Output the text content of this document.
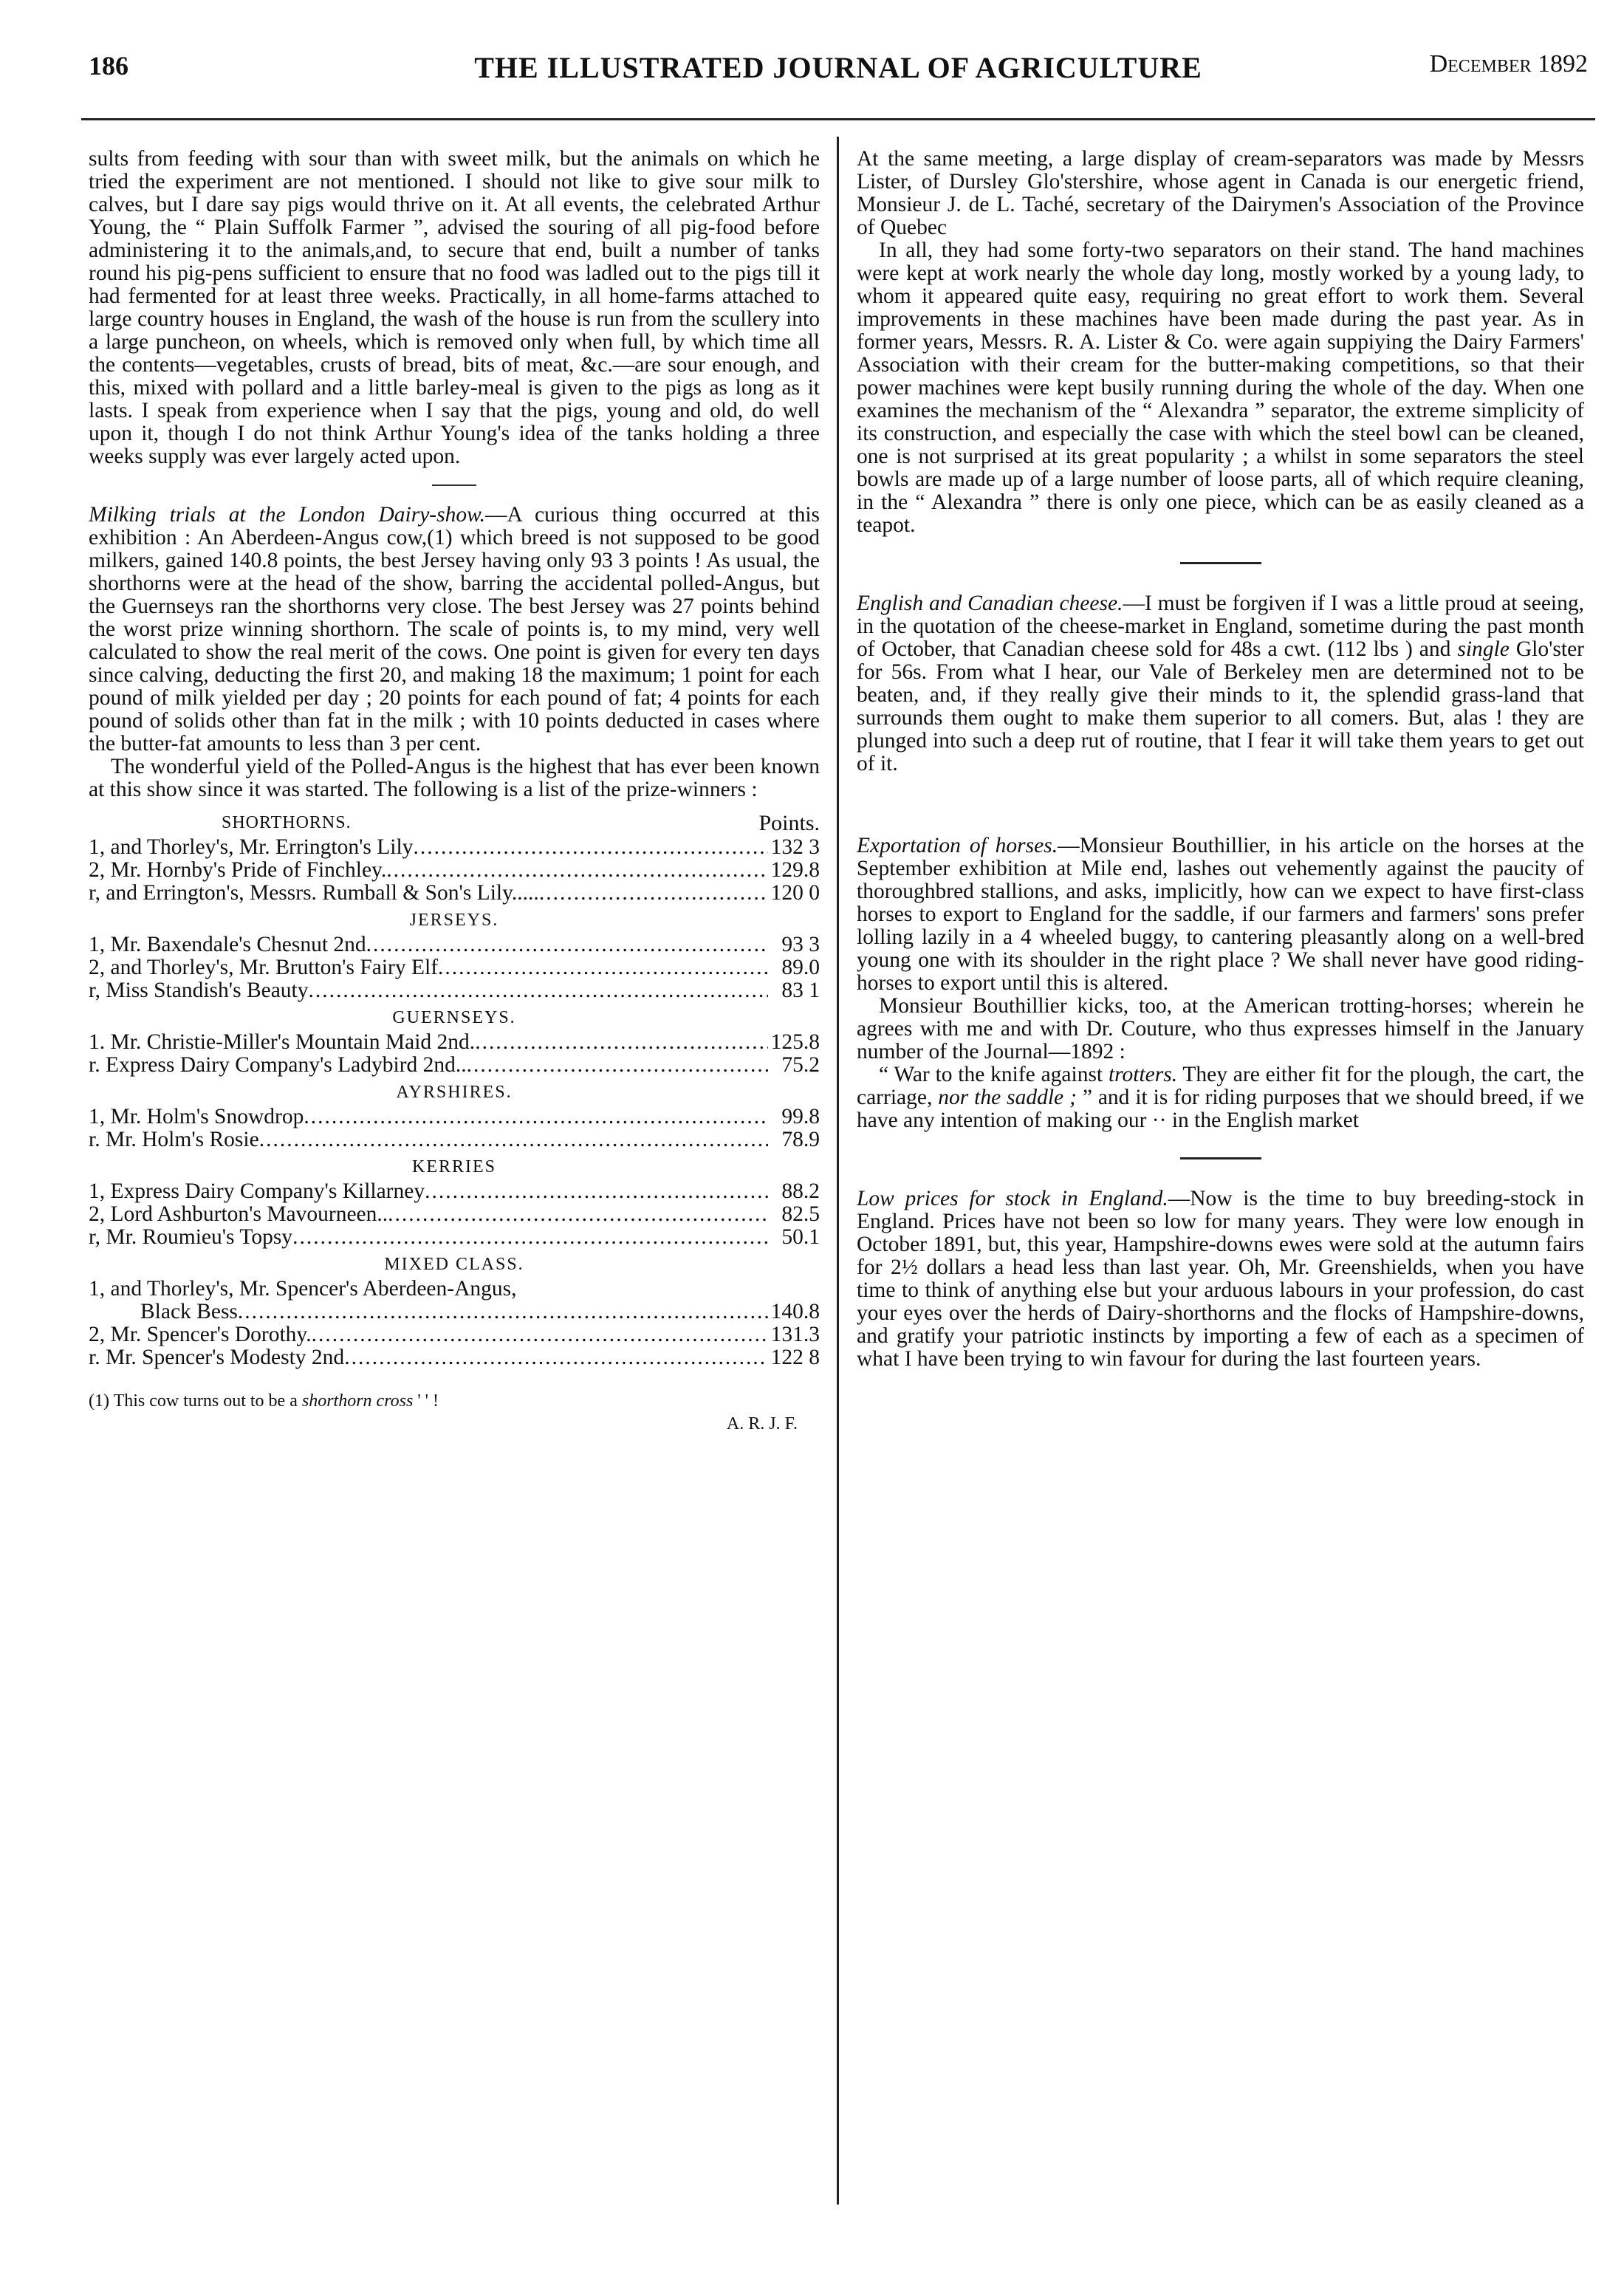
186	THE ILLUSTRATED JOURNAL OF AGRICULTURE	December 1892

sults from feeding with sour than with sweet milk, but the animals on which he tried the experiment are not mentioned. I should not like to give sour milk to calves, but I dare say pigs would thrive on it. At all events, the celebrated Arthur Young, the “ Plain Suffolk Farmer ”, advised the souring of all pig-food before administering it to the animals,and, to secure that end, built a number of tanks round his pig-pens sufficient to ensure that no food was ladled out to the pigs till it had fermented for at least three weeks. Practically, in all home-farms attached to large country houses in England, the wash of the house is run from the scullery into a large puncheon, on wheels, which is removed only when full, by which time all the contents—vegetables, crusts of bread, bits of meat, &c.—are sour enough, and this, mixed with pollard and a little barley-meal is given to the pigs as long as it lasts. I speak from experience when I say that the pigs, young and old, do well upon it, though I do not think Arthur Young's idea of the tanks holding a three weeks supply was ever largely acted upon.

Milking trials at the London Dairy-show.—A curious thing occurred at this exhibition : An Aberdeen-Angus cow,(1) which breed is not supposed to be good milkers, gained 140.8 points, the best Jersey having only 93 3 points ! As usual, the shorthorns were at the head of the show, barring the accidental polled-Angus, but the Guernseys ran the shorthorns very close. The best Jersey was 27 points behind the worst prize winning shorthorn. The scale of points is, to my mind, very well calculated to show the real merit of the cows. One point is given for every ten days since calving, deducting the first 20, and making 18 the maximum; 1 point for each pound of milk yielded per day ; 20 points for each pound of fat; 4 points for each pound of solids other than fat in the milk ; with 10 points deducted in cases where the butter-fat amounts to less than 3 per cent.

The wonderful yield of the Polled-Angus is the highest that has ever been known at this show since it was started. The following is a list of the prize-winners :

SHORTHORNS.	Points.
1, and Thorley's, Mr. Errington's Lily .....	132 3
2, Mr. Hornby's Pride of Finchley. .....	129.8
r, and Errington's, Messrs. Rumball & Son's Lily..... .....	120 0
JERSEYS.
1, Mr. Baxendale's Chesnut 2nd .....	93 3
2, and Thorley's, Mr. Brutton's Fairy Elf .....	89.0
r, Miss Standish's Beauty .....	83 1
GUERNSEYS.
1. Mr. Christie-Miller's Mountain Maid 2nd. .....	125.8
r. Express Dairy Company's Ladybird 2nd.. .....	75.2
AYRSHIRES.
1, Mr. Holm's Snowdrop .....	99.8
r. Mr. Holm's Rosie .....	78.9
KERRIES
1, Express Dairy Company's Killarney .....	88.2
2, Lord Ashburton's Mavourneen.. .....	82.5
r, Mr. Roumieu's Topsy .....	50.1
MIXED CLASS.
1, and Thorley's, Mr. Spencer's Aberdeen-Angus,
Black Bess .....	140.8
2, Mr. Spencer's Dorothy. .....	131.3
r. Mr. Spencer's Modesty 2nd .....	122 8
(1) This cow turns out to be a shorthorn cross ' ' !
A. R. J. F.

At the same meeting, a large display of cream-separators was made by Messrs Lister, of Dursley Glo'stershire, whose agent in Canada is our energetic friend, Monsieur J. de L. Taché, secretary of the Dairymen's Association of the Province of Quebec

In all, they had some forty-two separators on their stand. The hand machines were kept at work nearly the whole day long, mostly worked by a young lady, to whom it appeared quite easy, requiring no great effort to work them. Several improvements in these machines have been made during the past year. As in former years, Messrs. R. A. Lister & Co. were again suppiying the Dairy Farmers' Association with their cream for the butter-making competitions, so that their power machines were kept busily running during the whole of the day. When one examines the mechanism of the “ Alexandra ” separator, the extreme simplicity of its construction, and especially the case with which the steel bowl can be cleaned, one is not surprised at its great popularity ; a whilst in some separators the steel bowls are made up of a large number of loose parts, all of which require cleaning, in the “ Alexandra ” there is only one piece, which can be as easily cleaned as a teapot.

English and Canadian cheese.—I must be forgiven if I was a little proud at seeing, in the quotation of the cheese-market in England, sometime during the past month of October, that Canadian cheese sold for 48s a cwt. (112 lbs ) and single Glo'ster for 56s. From what I hear, our Vale of Berkeley men are determined not to be beaten, and, if they really give their minds to it, the splendid grass-land that surrounds them ought to make them superior to all comers. But, alas ! they are plunged into such a deep rut of routine, that I fear it will take them years to get out of it.

Exportation of horses.—Monsieur Bouthillier, in his article on the horses at the September exhibition at Mile end, lashes out vehemently against the paucity of thoroughbred stallions, and asks, implicitly, how can we expect to have first-class horses to export to England for the saddle, if our farmers and farmers' sons prefer lolling lazily in a 4 wheeled buggy, to cantering pleasantly along on a well-bred young one with its shoulder in the right place ? We shall never have good riding-horses to export until this is altered.

Monsieur Bouthillier kicks, too, at the American trotting-horses; wherein he agrees with me and with Dr. Couture, who thus expresses himself in the January number of the Journal—1892 :

“ War to the knife against trotters. They are either fit for the plough, the cart, the carriage, nor the saddle ; ” and it is for riding purposes that we should breed, if we have any intention of making our ·· in the English market

Low prices for stock in England.—Now is the time to buy breeding-stock in England. Prices have not been so low for many years. They were low enough in October 1891, but, this year, Hampshire-downs ewes were sold at the autumn fairs for 2½ dollars a head less than last year. Oh, Mr. Greenshields, when you have time to think of anything else but your arduous labours in your profession, do cast your eyes over the herds of Dairy-shorthorns and the flocks of Hampshire-downs, and gratify your patriotic instincts by importing a few of each as a specimen of what I have been trying to win favour for during the last fourteen years.
